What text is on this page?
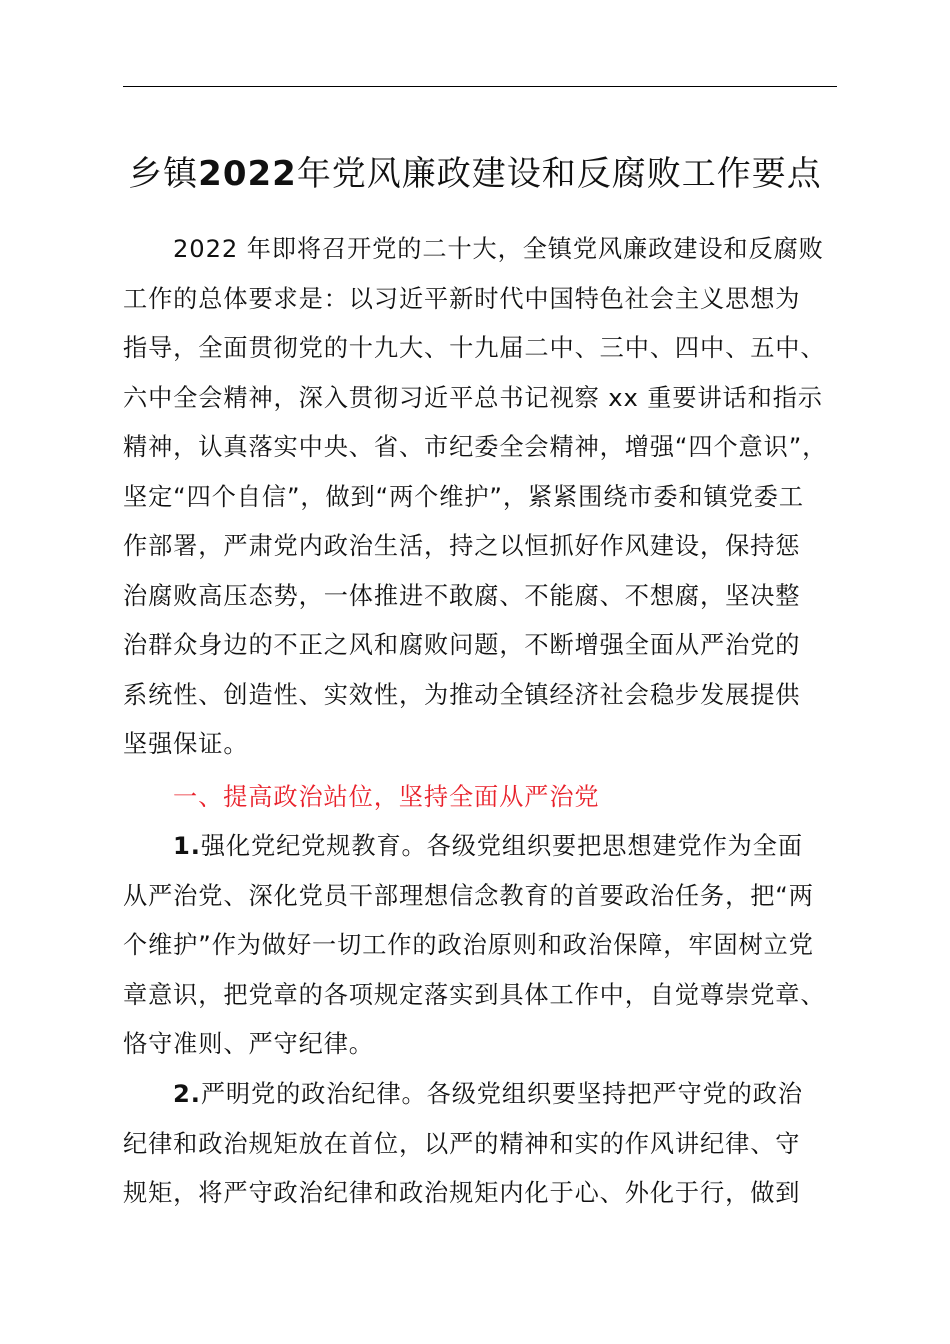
乡镇2022年党风廉政建设和反腐败工作要点
2022 年即将召开党的二十大，全镇党风廉政建设和反腐败
工作的总体要求是：以习近平新时代中国特色社会主义思想为
指导，全面贯彻党的十九大、十九届二中、三中、四中、五中、
六中全会精神，深入贯彻习近平总书记视察 xx 重要讲话和指示
精神，认真落实中央、省、市纪委全会精神，增强“四个意识”，
坚定“四个自信”，做到“两个维护”，紧紧围绕市委和镇党委工
作部署，严肃党内政治生活，持之以恒抓好作风建设，保持惩
治腐败高压态势，一体推进不敢腐、不能腐、不想腐，坚决整
治群众身边的不正之风和腐败问题，不断增强全面从严治党的
系统性、创造性、实效性，为推动全镇经济社会稳步发展提供
坚强保证。
一、提高政治站位，坚持全面从严治党
1.强化党纪党规教育。各级党组织要把思想建党作为全面
从严治党、深化党员干部理想信念教育的首要政治任务，把“两
个维护”作为做好一切工作的政治原则和政治保障，牢固树立党
章意识，把党章的各项规定落实到具体工作中，自觉尊崇党章、
恪守准则、严守纪律。
2.严明党的政治纪律。各级党组织要坚持把严守党的政治
纪律和政治规矩放在首位，以严的精神和实的作风讲纪律、守
规矩，将严守政治纪律和政治规矩内化于心、外化于行，做到
